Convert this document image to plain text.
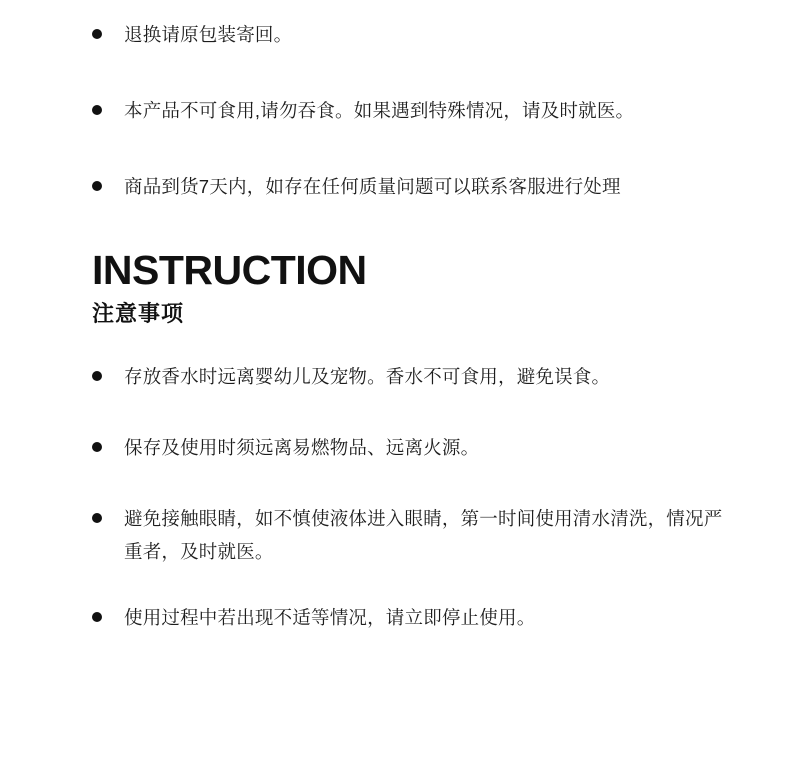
退换请原包装寄回。
本产品不可食用,请勿吞食。如果遇到特殊情况，请及时就医。
商品到货7天内，如存在任何质量问题可以联系客服进行处理
INSTRUCTION
注意事项
存放香水时远离婴幼儿及宠物。香水不可食用，避免误食。
保存及使用时须远离易燃物品、远离火源。
避免接触眼睛，如不慎使液体进入眼睛，第一时间使用清水清洗，情况严重者，及时就医。
使用过程中若出现不适等情况，请立即停止使用。
